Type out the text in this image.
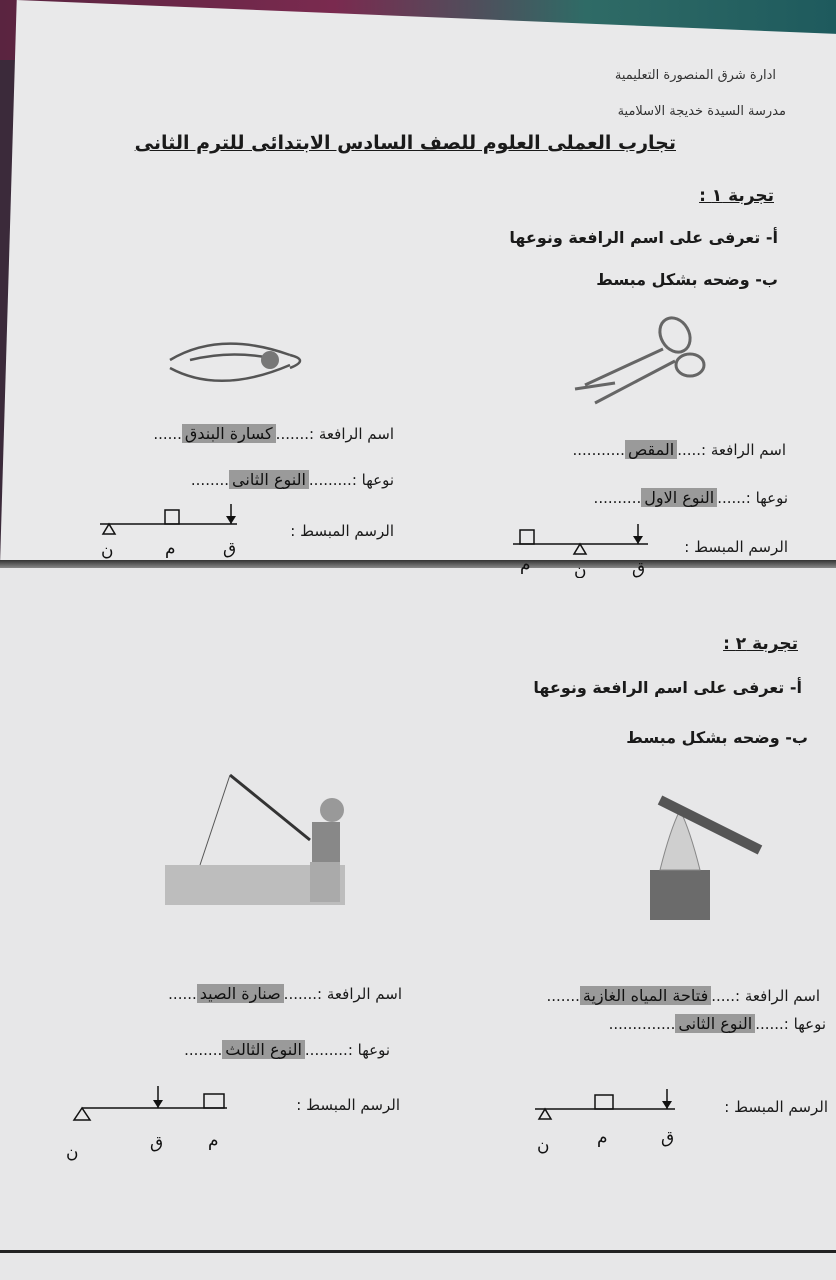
ادارة شرق المنصورة التعليمية
مدرسة السيدة خديجة الاسلامية
تجارب العملى العلوم للصف السادس الابتدائى للترم الثانى
تجربة ١ :
أ- تعرفى على اسم الرافعة ونوعها
ب- وضحه بشكل مبسط
اسم الرافعة :.....المقص...........
نوعها :......النوع الاول..........
الرسم المبسط :
م	ن	ق
اسم الرافعة :.......كسارة البندق......
نوعها :.........النوع الثانى........
الرسم المبسط :
ن	م	ق
تجربة ٢ :
أ- تعرفى على اسم الرافعة ونوعها
ب- وضحه بشكل مبسط
اسم الرافعة :.....فتاحة المياه الغازية.......
نوعها :......النوع الثانى..............
الرسم المبسط :
ن	م	ق
اسم الرافعة :.......صنارة الصيد......
نوعها :.........النوع الثالث........
الرسم المبسط :
ن	ق	م
